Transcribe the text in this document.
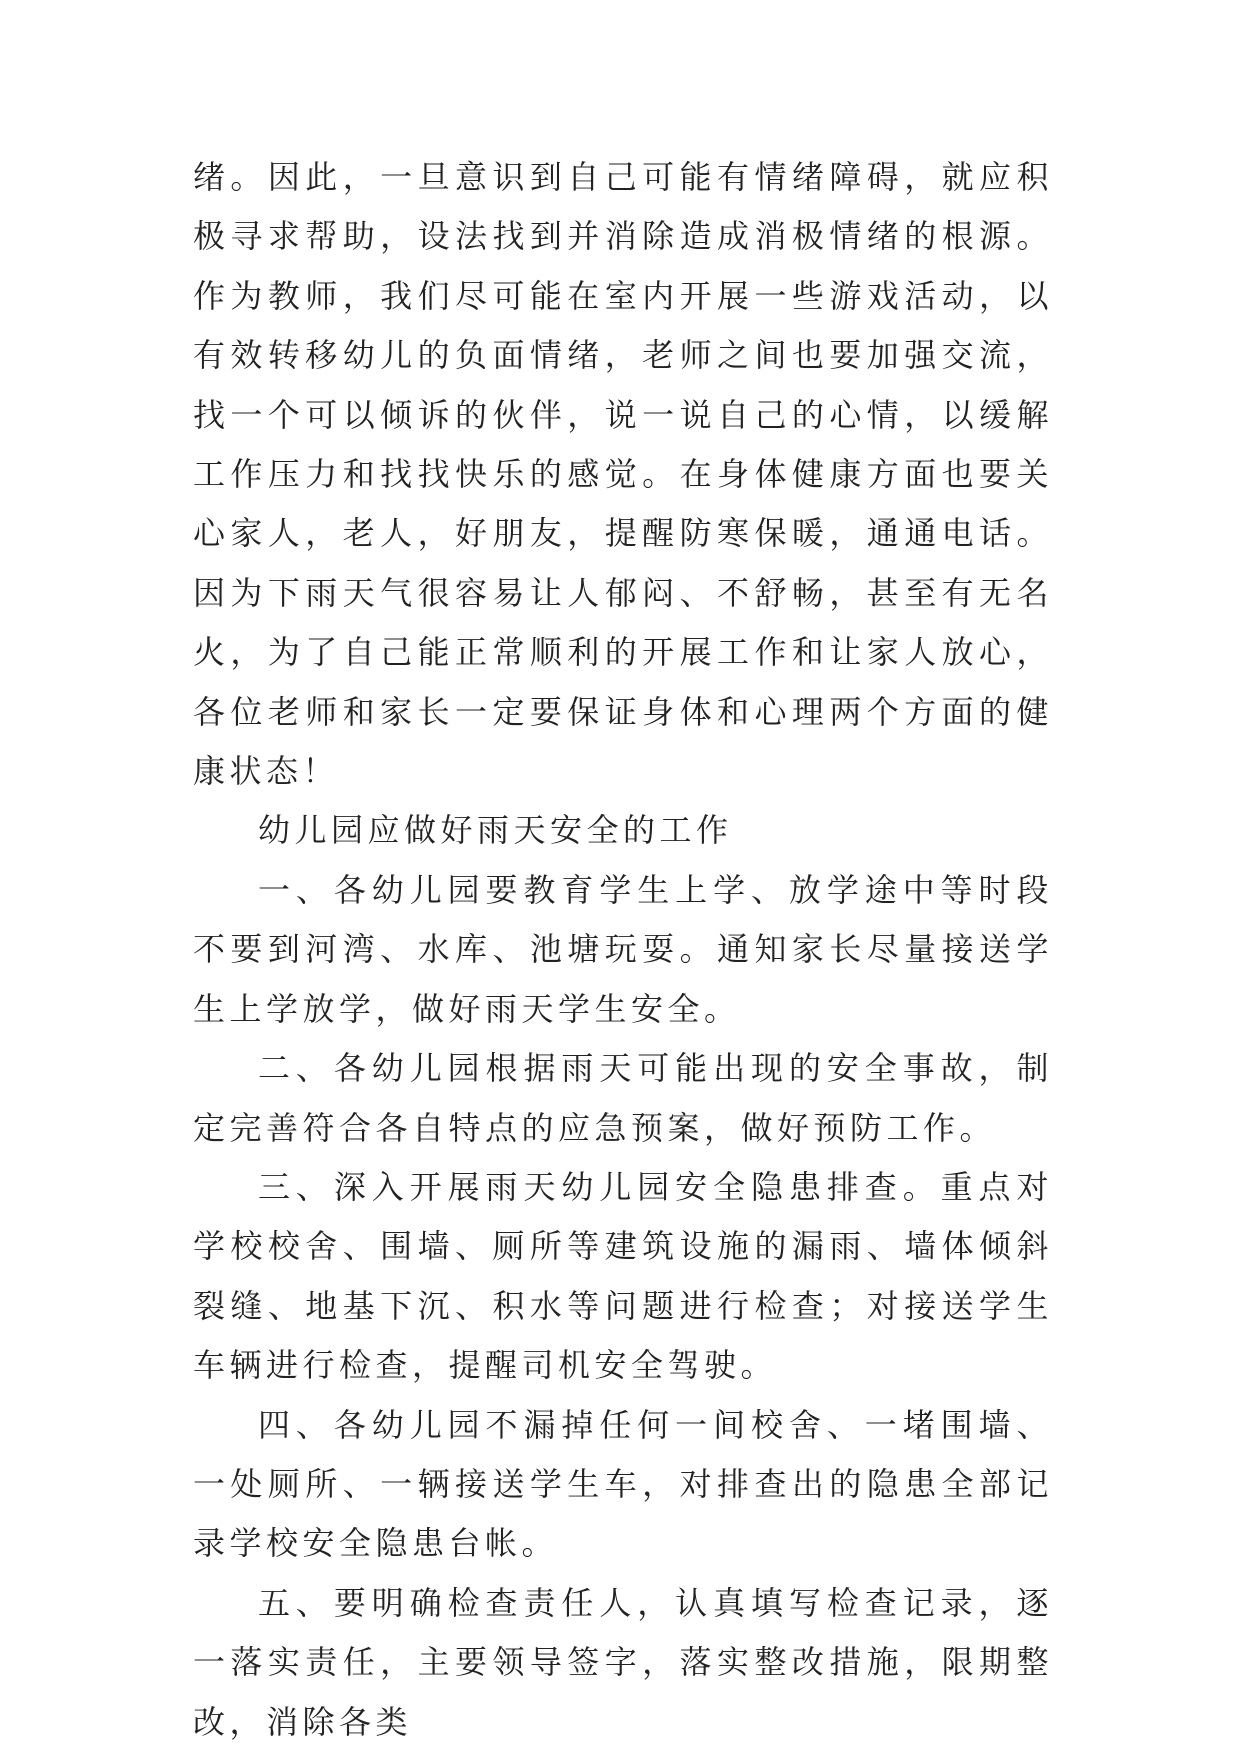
绪。因此，一旦意识到自己可能有情绪障碍，就应积极寻求帮助，设法找到并消除造成消极情绪的根源。作为教师，我们尽可能在室内开展一些游戏活动，以有效转移幼儿的负面情绪，老师之间也要加强交流，找一个可以倾诉的伙伴，说一说自己的心情，以缓解工作压力和找找快乐的感觉。在身体健康方面也要关心家人，老人，好朋友，提醒防寒保暖，通通电话。因为下雨天气很容易让人郁闷、不舒畅，甚至有无名火，为了自己能正常顺利的开展工作和让家人放心，各位老师和家长一定要保证身体和心理两个方面的健康状态！

幼儿园应做好雨天安全的工作

一、各幼儿园要教育学生上学、放学途中等时段不要到河湾、水库、池塘玩耍。通知家长尽量接送学生上学放学，做好雨天学生安全。

二、各幼儿园根据雨天可能出现的安全事故，制定完善符合各自特点的应急预案，做好预防工作。

三、深入开展雨天幼儿园安全隐患排查。重点对学校校舍、围墙、厕所等建筑设施的漏雨、墙体倾斜裂缝、地基下沉、积水等问题进行检查；对接送学生车辆进行检查，提醒司机安全驾驶。

四、各幼儿园不漏掉任何一间校舍、一堵围墙、一处厕所、一辆接送学生车，对排查出的隐患全部记录学校安全隐患台帐。

五、要明确检查责任人，认真填写检查记录，逐一落实责任，主要领导签字，落实整改措施，限期整改，消除各类
